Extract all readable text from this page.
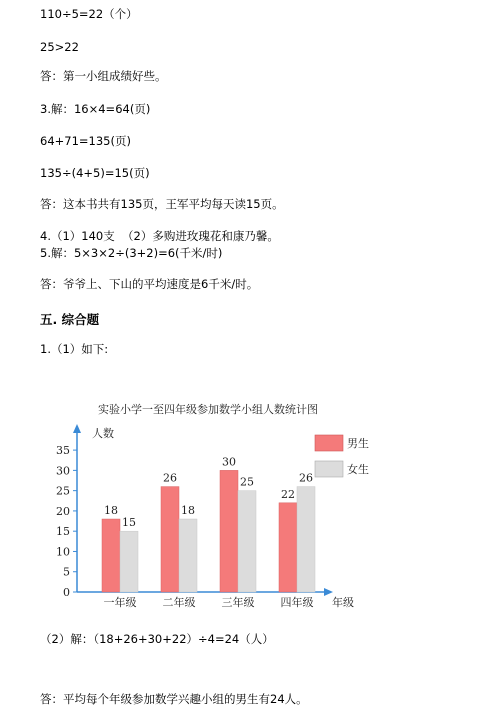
110÷5=22（个）
25>22
答：第一小组成绩好些。
3.解：16×4=64(页)
64+71=135(页)
135÷(4+5)=15(页)
答：这本书共有135页，王军平均每天读15页。
4.（1）140支  （2）多购进玫瑰花和康乃馨。
5.解：5×3×2÷(3+2)=6(千米/时)
答：爷爷上、下山的平均速度是6千米/时。
五. 综合题
1.（1）如下:
实验小学一至四年级参加数学小组人数统计图
人数
年级
0
5
10
15
20
25
30
35
18
15
26
18
30
25
22
26
一年级 二年级 三年级 四年级
男生
女生
（2）解：（18+26+30+22）÷4=24（人）
答：平均每个年级参加数学兴趣小组的男生有24人。
